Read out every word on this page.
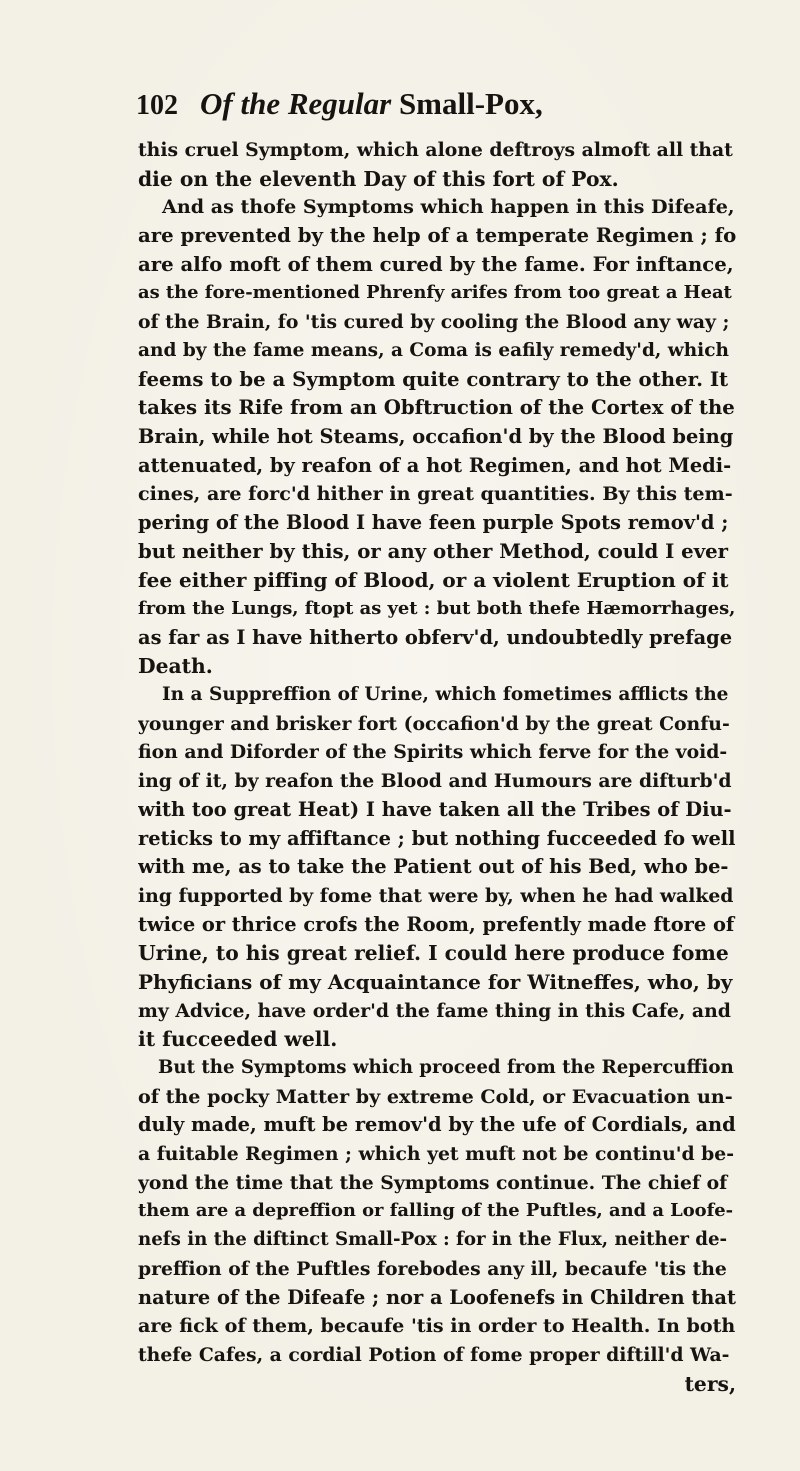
102 Of the Regular Small-Pox,
this cruel Symptom, which alone deftroys almoft all that
die on the eleventh Day of this fort of Pox.
And as thofe Symptoms which happen in this Difeafe,
are prevented by the help of a temperate Regimen ; fo
are alfo moft of them cured by the fame. For inftance,
as the fore-mentioned Phrenfy arifes from too great a Heat
of the Brain, fo 'tis cured by cooling the Blood any way ;
and by the fame means, a Coma is eafily remedy'd, which
feems to be a Symptom quite contrary to the other. It
takes its Rife from an Obftruction of the Cortex of the
Brain, while hot Steams, occafion'd by the Blood being
attenuated, by reafon of a hot Regimen, and hot Medi-
cines, are forc'd hither in great quantities. By this tem-
pering of the Blood I have feen purple Spots remov'd ;
but neither by this, or any other Method, could I ever
fee either piffing of Blood, or a violent Eruption of it
from the Lungs, ftopt as yet : but both thefe Hæmorrhages,
as far as I have hitherto obferv'd, undoubtedly prefage
Death.
In a Suppreffion of Urine, which fometimes afflicts the
younger and brisker fort (occafion'd by the great Confu-
fion and Diforder of the Spirits which ferve for the void-
ing of it, by reafon the Blood and Humours are difturb'd
with too great Heat) I have taken all the Tribes of Diu-
reticks to my affiftance ; but nothing fucceeded fo well
with me, as to take the Patient out of his Bed, who be-
ing fupported by fome that were by, when he had walked
twice or thrice crofs the Room, prefently made ftore of
Urine, to his great relief. I could here produce fome
Phyficians of my Acquaintance for Witneffes, who, by
my Advice, have order'd the fame thing in this Cafe, and
it fucceeded well.
But the Symptoms which proceed from the Repercuffion
of the pocky Matter by extreme Cold, or Evacuation un-
duly made, muft be remov'd by the ufe of Cordials, and
a fuitable Regimen ; which yet muft not be continu'd be-
yond the time that the Symptoms continue. The chief of
them are a depreffion or falling of the Puftles, and a Loofe-
nefs in the diftinct Small-Pox : for in the Flux, neither de-
preffion of the Puftles forebodes any ill, becaufe 'tis the
nature of the Difeafe ; nor a Loofenefs in Children that
are fick of them, becaufe 'tis in order to Health. In both
thefe Cafes, a cordial Potion of fome proper diftill'd Wa-
ters,
